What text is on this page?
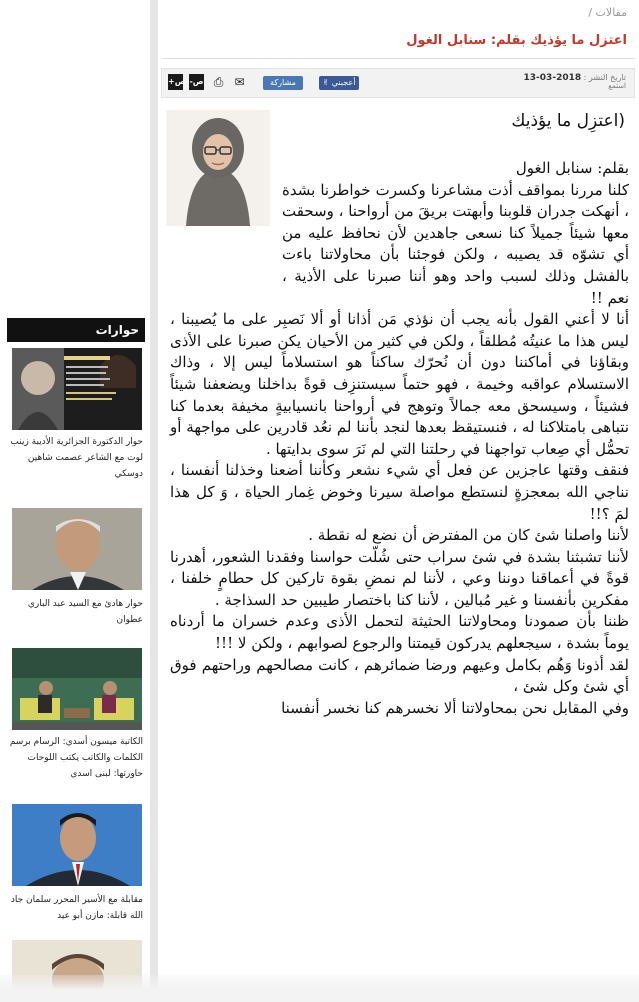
حوارات
حوار الدكتورة الجزائرية الأديبة زينب لوت مع الشاعر عصمت شاهين دوسكي
حوار هادئ مع السيد عبد الباري عطوان
الكاتبة ميسون أسدي: الرسام برسم الكلمات والكاتب يكتب اللوحات حاورتها: لبنى اسدي
مقابلة مع الأسير المحرر سلمان جاد الله قابلة: مازن أبو عيد
مقالات /
اعتزل ما يؤذيك بقلم: سنابل الغول
تاريخ النشر : 2018-03-13
استمع
✌ أعجبني
مشاركة
✉
⎙
-ص
+ص
(اعتزِل ما يؤذيك

بقلم: سنابل الغول

كلنا مررنا بمواقف أذت مشاعرنا وكسرت خواطرنا بشدة ، أنهكت جدران قلوبنا وأبهتت بريقَ من أرواحنا ، وسحقت معها شيئاً جميلاً كنا نسعى جاهدين لأن نحافظ عليه من أي تشوّه قد يصيبه ، ولكن فوجئنا بأن محاولاتنا باءت بالفشل وذلك لسبب واحد وهو أننا صبرنا على الأذية ، نعم !!

أنا لا أعني القول بأنه يجب أن نؤذي مَن أذانا أو ألا نَصبِر على ما يُصيبنا ، ليس هذا ما عنيتُه مُطلقاً ، ولكن في كثير من الأحيان يكن صبرنا على الأذى وبقاؤنا في أماكننا دون أن نُحرّك ساكناً هو استسلاماً ليس إلا ، وذاك الاستسلام عواقبه وخيمة ، فهو حتماً سيستنزِف قوةً بداخلنا ويضعفنا شيئاً فشيئاً ، وسيسحق معه جمالاً وتوهج في أرواحنا بانسيابيةٍ مخيفة بعدما كنا نتباهى بامتلاكنا له ، فنستيقظ بعدها لنجد بأننا لم نعُد قادرين على مواجهة أو تحمُّل أي صِعاب تواجهنا في رحلتنا التي لم نَرَ سوى بدايتها .

فنقف وقتها عاجزين عن فعل أي شيء نشعر وكأننا أضعنا وخذلنا أنفسنا ، نناجي الله بمعجزةٍ لنستطع مواصلة سيرنا وخوض غِمار الحياة ، وَ كل هذا لمَ ؟!!

لأننا واصلنا شئ كان من المفترض أن نضع له نقطة .

لأننا تشبثنا بشدة في شئ سراب حتى شُلّت حواسنا وفقدنا الشعور، أهدرنا قوةً في أعماقنا دوننا وعي ، لأننا لم نمضِ بقوة تاركين كل حطامٍ خلفنا ، مفكرين بأنفسنا و غير مُبالين ، لأننا كنا باختصار طيبين حد السذاجة .

ظننا بأن صمودنا ومحاولاتنا الحثيثة لتحمل الأذى وعدم خسران ما أردناه يوماً بشدة ، سيجعلهم يدركون قيمتنا والرجوع لصوابهم ، ولكن لا !!!

لقد أذونا وَهُم بكامل وعيهم ورضا ضمائرهم ، كانت مصالحهم وراحتهم فوق أي شئ وكل شئ ،

وفي المقابل نحن بمحاولاتنا ألا نخسرهم كنا نخسر أنفسنا
